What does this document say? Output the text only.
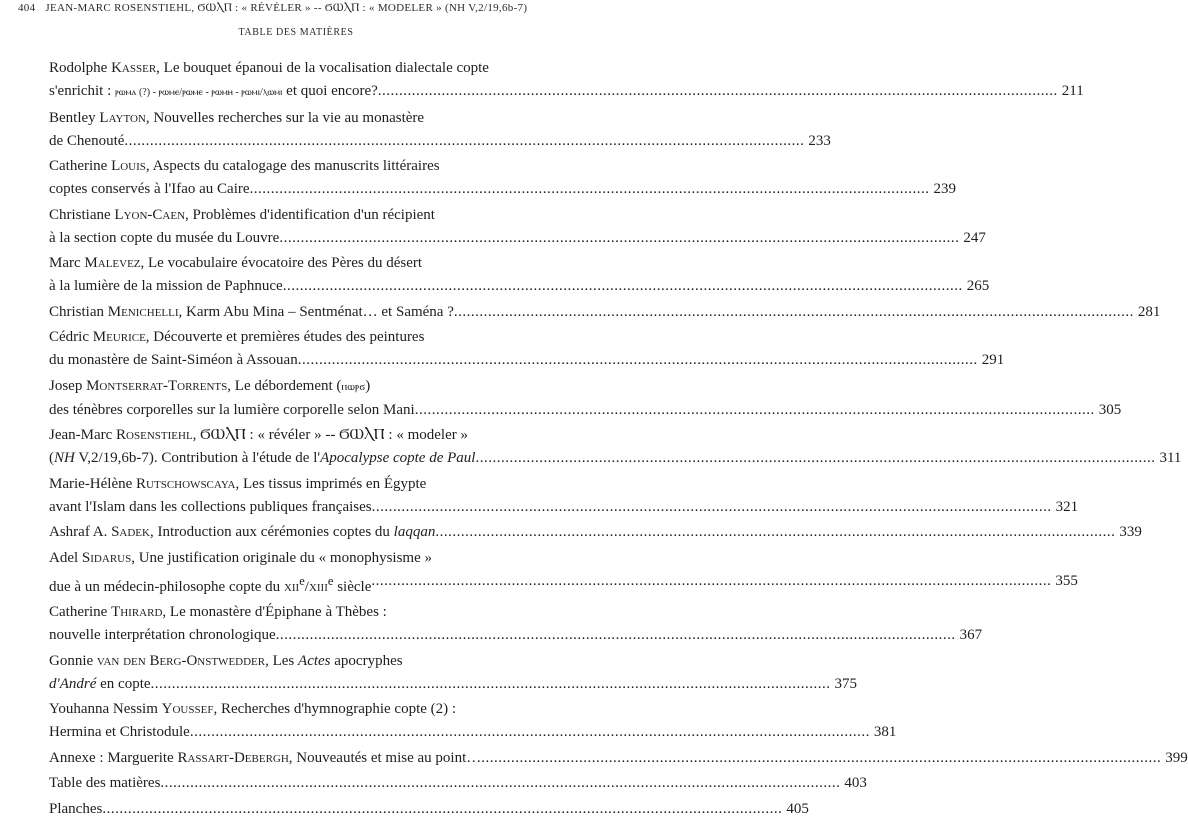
404 JEAN-MARC ROSENSTIEHL, ϬⲰⲖⲠ : « RÉVÉLER » -- ϬⲰⲖⲠ : « MODELER » (NH V,2/19,6b-7)
TABLE DES MATIÈRES
Rodolphe Kasser, Le bouquet épanoui de la vocalisation dialectale copte
s'enrichit : ⲣⲱⲙⲁ (?) - ⲣⲱⲙⲉ/ⲣⲱⲙⲉ - ⲣⲱⲙⲏ - ⲣⲱⲙⲓ/ⲗⲱⲙⲓ et quoi encore? .....	211
Bentley Layton, Nouvelles recherches sur la vie au monastère
de Chenouté .....	233
Catherine Louis, Aspects du catalogage des manuscrits littéraires
coptes conservés à l'Ifao au Caire .....	239
Christiane Lyon-Caen, Problèmes d'identification d'un récipient
à la section copte du musée du Louvre .....	247
Marc Malevez, Le vocabulaire évocatoire des Pères du désert
à la lumière de la mission de Paphnuce .....	265
Christian Menichelli, Karm Abu Mina – Sentménat… et Saména ? .....	281
Cédric Meurice, Découverte et premières études des peintures
du monastère de Saint-Siméon à Assouan .....	291
Josep Montserrat-Torrents, Le débordement (ⲡⲱⲣϭ)
des ténèbres corporelles sur la lumière corporelle selon Mani .....	305
Jean-Marc Rosenstiehl, ϬⲰⲖⲠ : « révéler » -- ϬⲰⲖⲠ : « modeler »
(NH V,2/19,6b-7). Contribution à l'étude de l'Apocalypse copte de Paul .....	311
Marie-Hélène Rutschowscaya, Les tissus imprimés en Égypte
avant l'Islam dans les collections publiques françaises .....	321
Ashraf A. Sadek, Introduction aux cérémonies coptes du laqqan .....	339
Adel Sidarus, Une justification originale du « monophysisme »
due à un médecin-philosophe copte du xii$^e$/xiii$^e$ siècle .....	355
Catherine Thirard, Le monastère d'Épiphane à Thèbes :
nouvelle interprétation chronologique .....	367
Gonnie van den Berg-Onstwedder, Les Actes apocryphes
d'André en copte .....	375
Youhanna Nessim Youssef, Recherches d'hymnographie copte (2) :
Hermina et Christodule .....	381
Annexe : Marguerite Rassart-Debergh, Nouveautés et mise au point… .....	399
Table des matières .....	403
Planches .....	405
